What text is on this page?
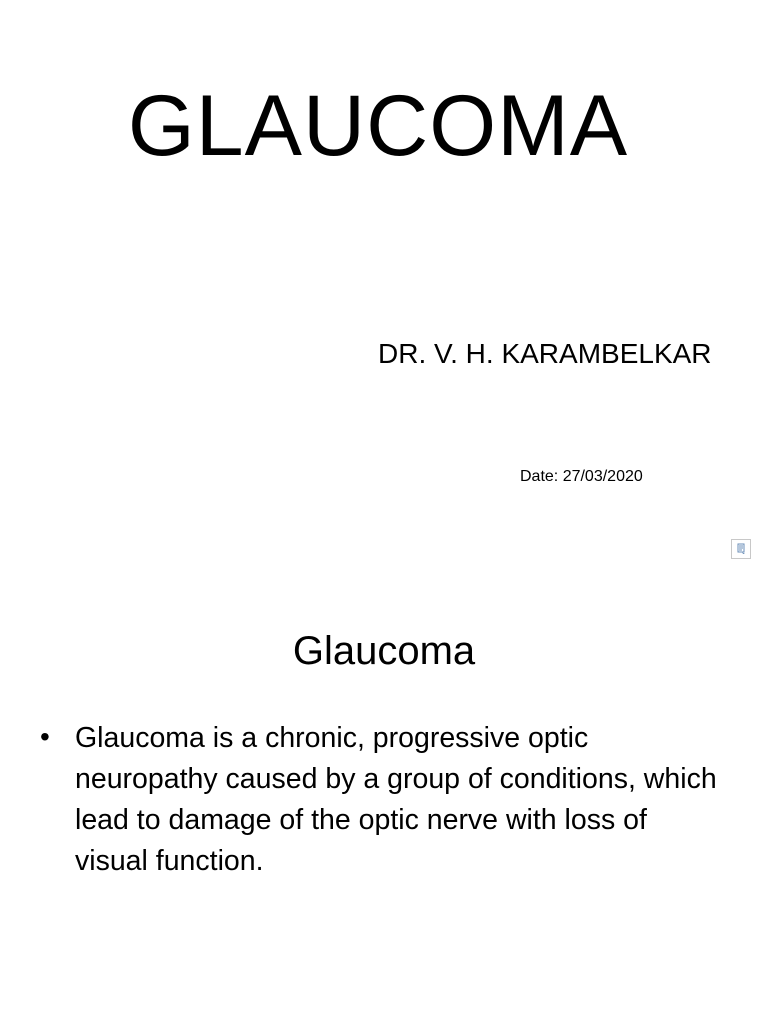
GLAUCOMA
DR. V. H. KARAMBELKAR
Date: 27/03/2020
Glaucoma
• Glaucoma is a chronic, progressive optic neuropathy caused by a group of conditions, which lead to damage of the optic nerve with loss of visual function.
